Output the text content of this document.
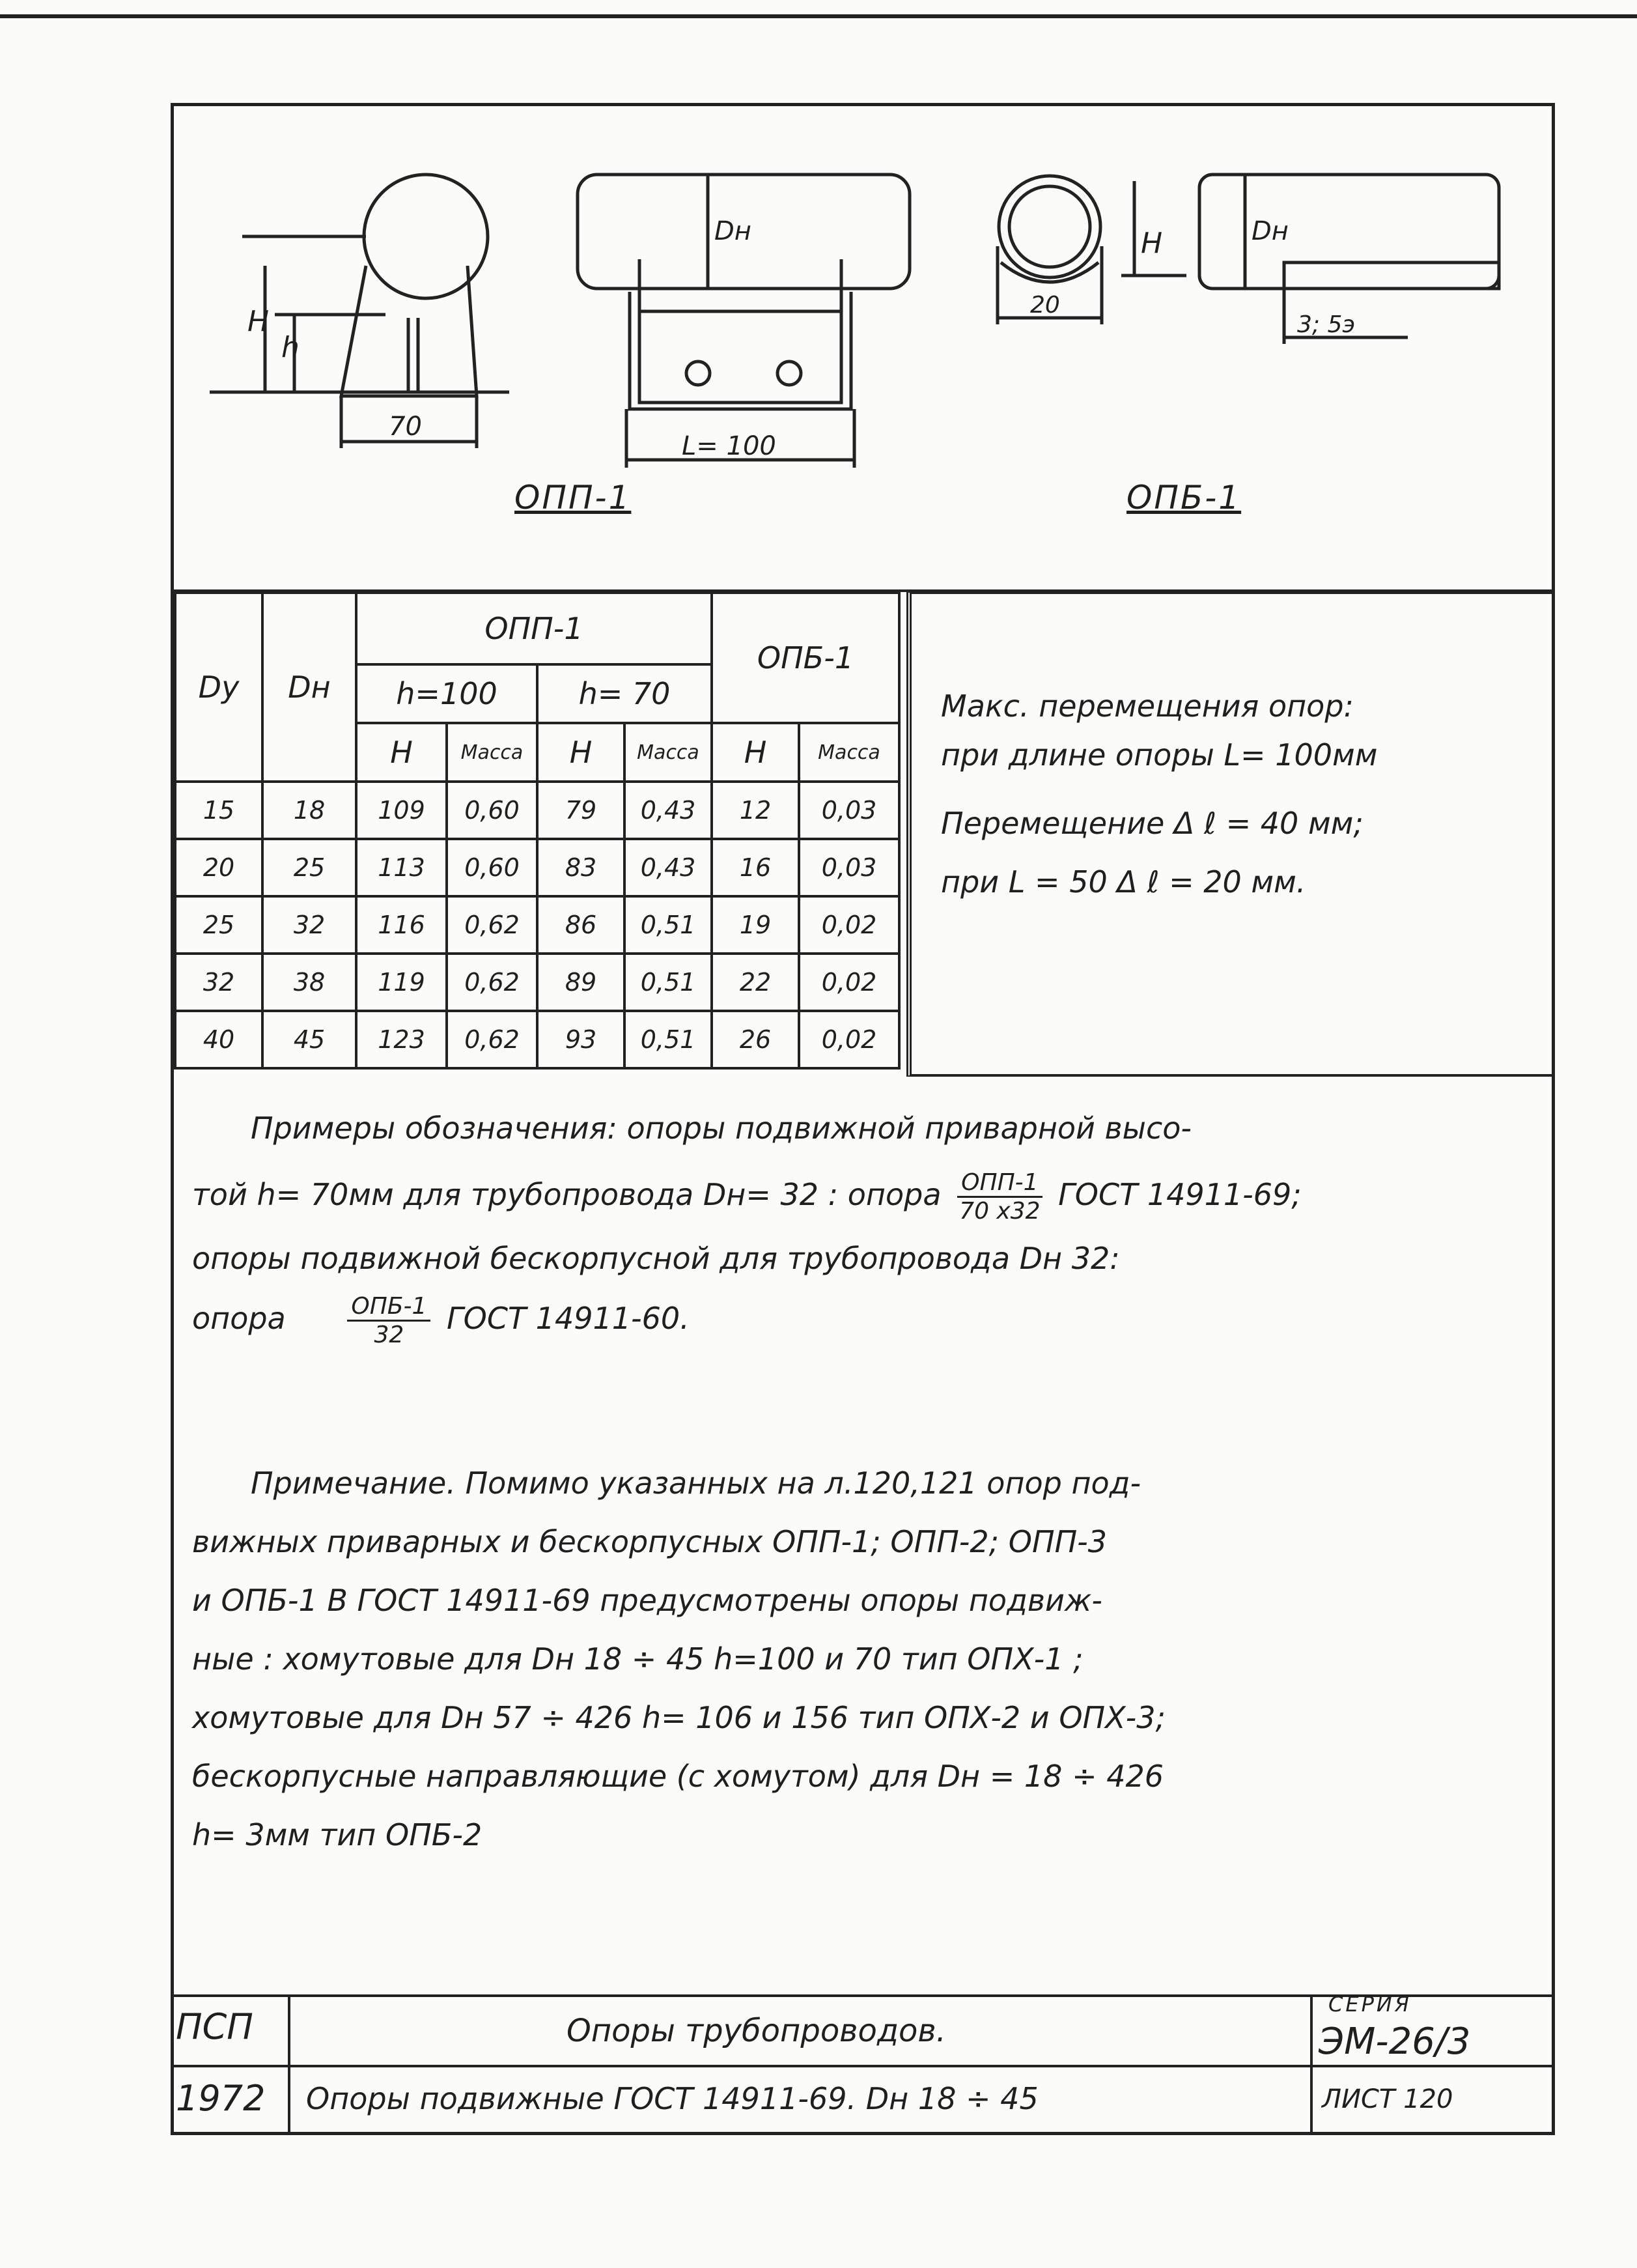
70
L= 100
20
3; 5э
H
h
H
Dн	Dн
ОПП-1	ОПБ-1
Dу	Dн	ОПП-1				ОПБ-1	
		h=100		h= 70			
		H	Масса	H	Масса	H	Масса
15	18	109	0,60	79	0,43	12	0,03
20	25	113	0,60	83	0,43	16	0,03
25	32	116	0,62	86	0,51	19	0,02
32	38	119	0,62	89	0,51	22	0,02
40	45	123	0,62	93	0,51	26	0,02
Макс. перемещения опор:
при длине опоры L= 100мм
Перемещение Δ ℓ = 40 мм;
при L = 50 Δ ℓ = 20 мм.
Примеры обозначения: опоры подвижной приварной высо-
той h= 70мм для трубопровода Dн= 32 : опора $\frac{\text{ОПП-1}}{70 х32}$ ГОСТ 14911-69;
опоры подвижной бескорпусной для трубопровода Dн 32:
опора	$\frac{\text{ОПБ-1}}{32}$ ГОСТ 14911-60.
Примечание. Помимо указанных на л.120,121 опор под-
вижных приварных и бескорпусных ОПП-1; ОПП-2; ОПП-3
и ОПБ-1 В ГОСТ 14911-69 предусмотрены опоры подвиж-
ные : хомутовые для Dн 18 ÷ 45 h=100 и 70 тип ОПХ-1 ;
хомутовые для Dн 57 ÷ 426 h= 106 и 156 тип ОПХ-2 и ОПХ-3;
бескорпусные направляющие (с хомутом) для Dн = 18 ÷ 426
h= 3мм тип ОПБ-2
ПСП
1972
Опоры трубопроводов.
Опоры подвижные ГОСТ 14911-69. Dн 18 ÷ 45
СЕРИЯ
ЭМ-26/3
ЛИСТ 120
